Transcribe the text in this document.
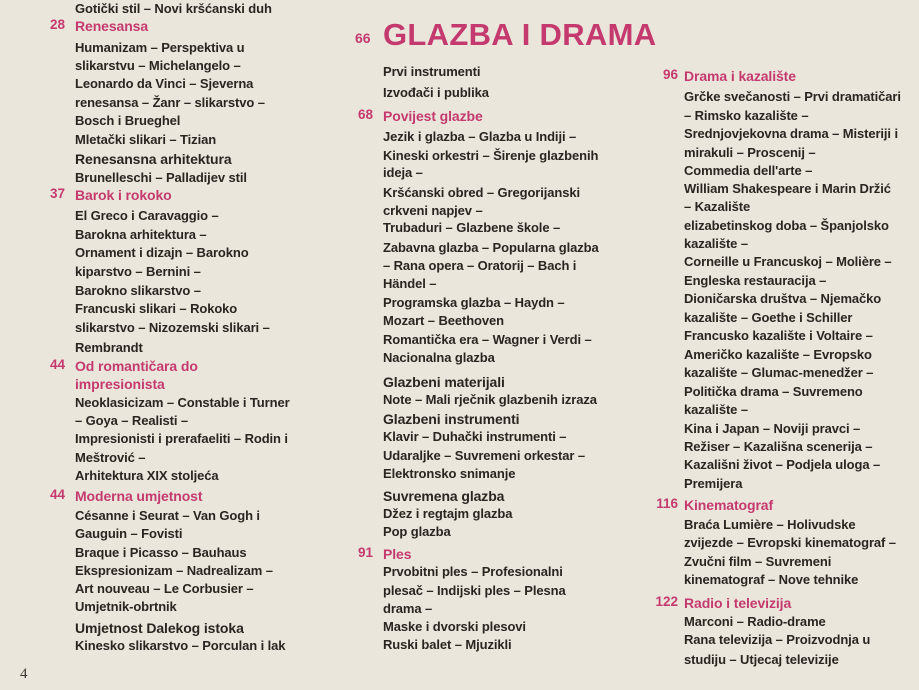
66 GLAZBA I DRAMA
4
Gotički stil – Novi kršćanski duh
Renesansa
28
Humanizam – Perspektiva u
slikarstvu – Michelangelo –
Leonardo da Vinci – Sjeverna
renesansa – Žanr – slikarstvo –
Bosch i Brueghel
Mletački slikari – Tizian
Renesansna arhitektura
Brunelleschi – Palladijev stil
Barok i rokoko
37
El Greco i Caravaggio –
Barokna arhitektura –
Ornament i dizajn – Barokno
kiparstvo – Bernini –
Barokno slikarstvo –
Francuski slikari – Rokoko
slikarstvo – Nizozemski slikari –
Rembrandt
Od romantičara do
44
impresionista
Neoklasicizam – Constable i Turner
– Goya – Realisti –
Impresionisti i prerafaeliti – Rodin i
Meštrović –
Arhitektura XIX stoljeća
Moderna umjetnost
44
Césanne i Seurat – Van Gogh i
Gauguin – Fovisti
Braque i Picasso – Bauhaus
Ekspresionizam – Nadrealizam –
Art nouveau – Le Corbusier –
Umjetnik-obrtnik
Umjetnost Dalekog istoka
Kinesko slikarstvo – Porculan i lak
Prvi instrumenti
Izvođači i publika
Povijest glazbe
68
Jezik i glazba – Glazba u Indiji –
Kineski orkestri – Širenje glazbenih
ideja –
Kršćanski obred – Gregorijanski
crkveni napjev –
Trubaduri – Glazbene škole –
Zabavna glazba – Popularna glazba
– Rana opera – Oratorij – Bach i
Händel –
Programska glazba – Haydn –
Mozart – Beethoven
Romantička era – Wagner i Verdi –
Nacionalna glazba
Glazbeni materijali
Note – Mali rječnik glazbenih izraza
Glazbeni instrumenti
Klavir – Duhački instrumenti –
Udaraljke – Suvremeni orkestar –
Elektronsko snimanje
Suvremena glazba
Džez i regtajm glazba
Pop glazba
Ples
91
Prvobitni ples – Profesionalni
plesač – Indijski ples – Plesna
drama –
Maske i dvorski plesovi
Ruski balet – Mjuzikli
Drama i kazalište
96
Grčke svečanosti – Prvi dramatičari
– Rimsko kazalište –
Srednjovjekovna drama – Misteriji i
mirakuli – Proscenij –
Commedia dell'arte –
William Shakespeare i Marin Držić
– Kazalište
elizabetinskog doba – Španjolsko
kazalište –
Corneille u Francuskoj – Molière –
Engleska restauracija –
Dioničarska društva – Njemačko
kazalište – Goethe i Schiller
Francusko kazalište i Voltaire –
Američko kazalište – Evropsko
kazalište – Glumac-menedžer –
Politička drama – Suvremeno
kazalište –
Kina i Japan – Noviji pravci –
Režiser – Kazališna scenerija –
Kazališni život – Podjela uloga –
Premijera
Kinematograf
116
Braća Lumière – Holivudske
zvijezde – Evropski kinematograf –
Zvučni film – Suvremeni
kinematograf – Nove tehnike
Radio i televizija
122
Marconi – Radio-drame
Rana televizija – Proizvodnja u
studiju – Utjecaj televizije
